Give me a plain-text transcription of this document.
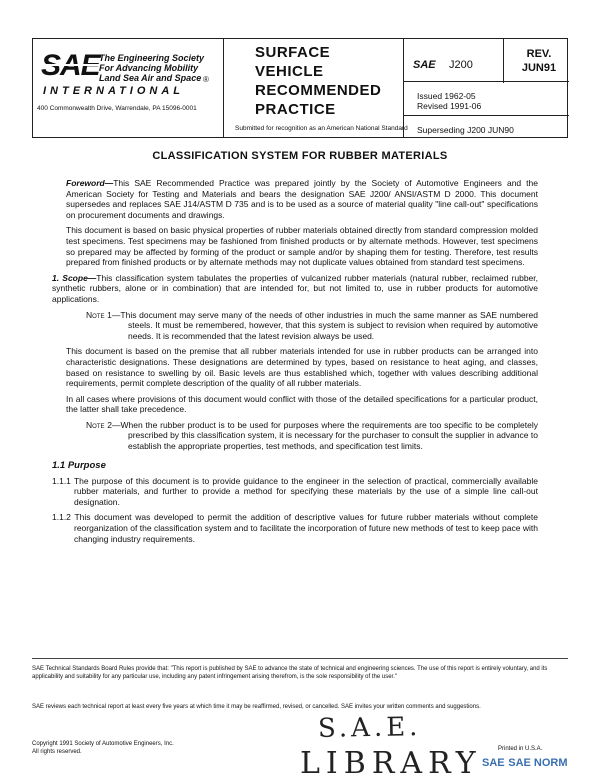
SAE The Engineering Society
For Advancing Mobility
Land Sea Air and Space ®
INTERNATIONAL
400 Commonwealth Drive, Warrendale, PA 15096-0001
SURFACE
VEHICLE
RECOMMENDED
PRACTICE
Submitted for recognition as an American National Standard
SAE J200
REV.
JUN91
Issued 1962-05
Revised 1991-06
Superseding J200 JUN90
CLASSIFICATION SYSTEM FOR RUBBER MATERIALS

Foreword—This SAE Recommended Practice was prepared jointly by the Society of Automotive Engineers and the American Society for Testing and Materials and bears the designation SAE J200/ ANSI/ASTM D 2000. This document supersedes and replaces SAE J14/ASTM D 735 and is to be used as a source of material quality "line call-out" specifications on procurement documents and drawings.

This document is based on basic physical properties of rubber materials obtained directly from standard compression molded test specimens. Test specimens may be fashioned from finished products or by alternate methods. However, test specimens so prepared may be affected by forming of the product or sample and/or by shaping them for testing. Therefore, test results prepared from finished products or by alternate methods may not duplicate values obtained from standard test specimens.

1. Scope—This classification system tabulates the properties of vulcanized rubber materials (natural rubber, reclaimed rubber, synthetic rubbers, alone or in combination) that are intended for, but not limited to, use in rubber products for automotive applications.

Note 1—This document may serve many of the needs of other industries in much the same manner as SAE numbered steels. It must be remembered, however, that this system is subject to revision when required by automotive needs. It is recommended that the latest revision always be used.

This document is based on the premise that all rubber materials intended for use in rubber products can be arranged into characteristic designations. These designations are determined by types, based on resistance to heat aging, and classes, based on resistance to swelling by oil. Basic levels are thus established which, together with values describing additional requirements, permit complete description of the quality of all rubber materials.

In all cases where provisions of this document would conflict with those of the detailed specifications for a particular product, the latter shall take precedence.

Note 2—When the rubber product is to be used for purposes where the requirements are too specific to be completely prescribed by this classification system, it is necessary for the purchaser to consult the supplier in advance to establish the appropriate properties, test methods, and specification test limits.

1.1 Purpose

1.1.1 The purpose of this document is to provide guidance to the engineer in the selection of practical, commercially available rubber materials, and further to provide a method for specifying these materials by the use of a simple line call-out designation.

1.1.2 This document was developed to permit the addition of descriptive values for future rubber materials without complete reorganization of the classification system and to facilitate the incorporation of future new methods of test to keep pace with changing industry requirements.

SAE Technical Standards Board Rules provide that: "This report is published by SAE to advance the state of technical and engineering sciences. The use of this report is entirely voluntary, and its applicability and suitability for any particular use, including any patent infringement arising therefrom, is the sole responsibility of the user."
SAE reviews each technical report at least every five years at which time it may be reaffirmed, revised, or cancelled. SAE invites your written comments and suggestions.
Copyright 1991 Society of Automotive Engineers, Inc.
All rights reserved.
S.A.E.
LIBRARY	Printed in U.S.A.
SAE SAE NORM
